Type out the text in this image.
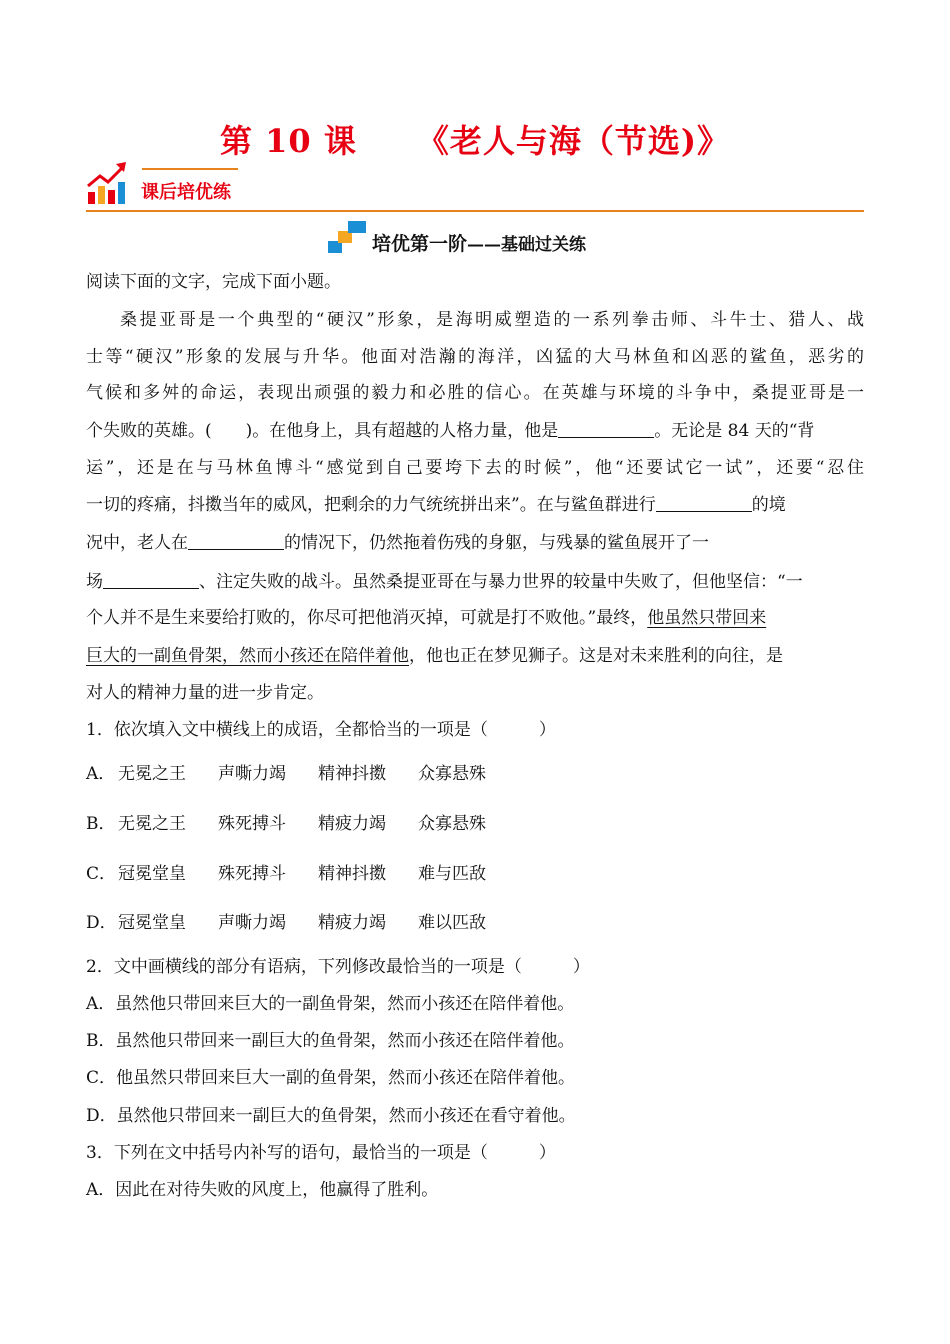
第 10 课 《老人与海（节选)》
课后培优练
培优第一阶——基础过关练
阅读下面的文字，完成下面小题。
桑提亚哥是一个典型的“硬汉”形象，是海明威塑造的一系列拳击师、斗牛士、猎人、战
士等“硬汉”形象的发展与升华。他面对浩瀚的海洋，凶猛的大马林鱼和凶恶的鲨鱼，恶劣的
气候和多舛的命运，表现出顽强的毅力和必胜的信心。在英雄与环境的斗争中，桑提亚哥是一
个失败的英雄。(　　)。在他身上，具有超越的人格力量，他是	。无论是 84 天的“背
运”，还是在与马林鱼博斗“感觉到自己要垮下去的时候”，他“还要试它一试”，还要“忍住
一切的疼痛，抖擞当年的威风，把剩余的力气统统拼出来”。在与鲨鱼群进行	的境
况中，老人在	的情况下，仍然拖着伤残的身躯，与残暴的鲨鱼展开了一
场	、注定失败的战斗。虽然桑提亚哥在与暴力世界的较量中失败了，但他坚信：“一
个人并不是生来要给打败的，你尽可把他消灭掉，可就是打不败他。”最终，他虽然只带回来
巨大的一副鱼骨架，然而小孩还在陪伴着他，他也正在梦见狮子。这是对未来胜利的向往，是
对人的精神力量的进一步肯定。
1．依次填入文中横线上的成语，全都恰当的一项是（　　　）
A． 无冕之王 声嘶力竭 精神抖擞 众寡悬殊
B． 无冕之王 殊死搏斗 精疲力竭 众寡悬殊
C． 冠冕堂皇 殊死搏斗 精神抖擞 难与匹敌
D．冠冕堂皇 声嘶力竭 精疲力竭 难以匹敌
2．文中画横线的部分有语病，下列修改最恰当的一项是（　　　）
A．虽然他只带回来巨大的一副鱼骨架，然而小孩还在陪伴着他。
B．虽然他只带回来一副巨大的鱼骨架，然而小孩还在陪伴着他。
C．他虽然只带回来巨大一副的鱼骨架，然而小孩还在陪伴着他。
D．虽然他只带回来一副巨大的鱼骨架，然而小孩还在看守着他。
3．下列在文中括号内补写的语句，最恰当的一项是（　　　）
A．因此在对待失败的风度上，他赢得了胜利。
